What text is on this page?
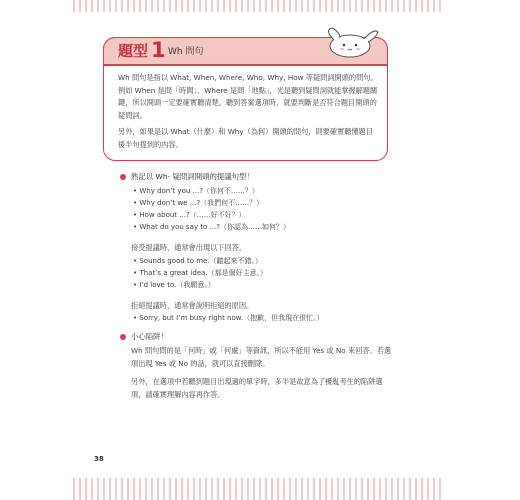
題型 1 Wh 問句
Wh 問句是指以 What, When, Where, Who, Why, How 等疑問詞開頭的問句。例如 When 是問「時間」、Where 是問「地點」，光是聽到疑問詞就能掌握解題關鍵，所以開頭一定要確實聽清楚。聽到答案選項時，就要判斷是否符合題目開頭的疑問詞。
另外，如果是以 What（什麼）和 Why（為何）開頭的問句，則要確實聽懂題目後半句提到的內容。
熟記以 Wh- 疑問詞開頭的提議句型！
• Why don’t you ...?（你何不……？）
• Why don’t we ...?（我們何不……？）
• How about ...?（……好不好？）
• What do you say to ...?（你認為……如何？）
接受提議時，通常會出現以下回答。
• Sounds good to me.（聽起來不錯。）
• That’s a great idea.（那是個好主意。）
• I’d love to.（我願意。）
拒絕提議時，通常會說明拒絕的原因。
• Sorry, but I’m busy right now.（抱歉，但我現在很忙。）
小心陷阱！
Wh 問句問的是「何時」或「何處」等資訊，所以不能用 Yes 或 No 來回答。若選項出現 Yes 或 No 的話，就可以直接刪除。
另外，在選項中若聽到題目出現過的單字時，多半是故意為了擾亂考生的陷阱選項，請確實理解內容再作答。
38
